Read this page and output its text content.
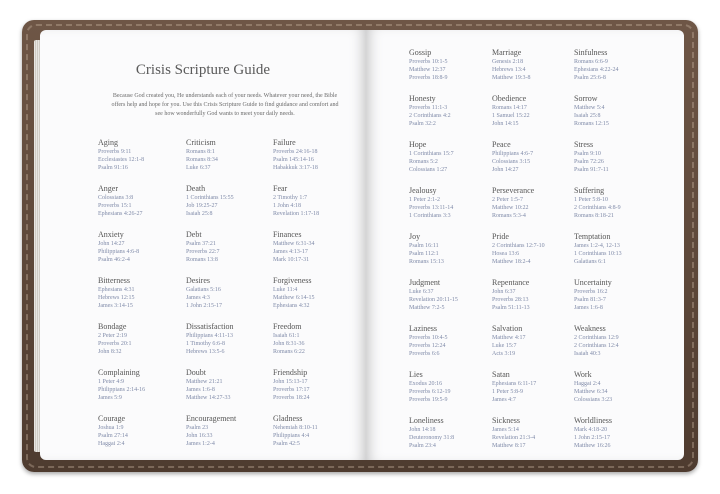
Crisis Scripture Guide
Because God created you, He understands each of your needs. Whatever your need, the Bible offers help and hope for you. Use this Crisis Scripture Guide to find guidance and comfort and see how wonderfully God wants to meet your daily needs.
Aging
Proverbs 9:11
Ecclesiastes 12:1-8
Psalm 91:16
Anger
Colossians 3:8
Proverbs 15:1
Ephesians 4:26-27
Anxiety
John 14:27
Philippians 4:6-8
Psalm 46:2-4
Bitterness
Ephesians 4:31
Hebrews 12:15
James 3:14-15
Bondage
2 Peter 2:19
Proverbs 20:1
John 8:32
Complaining
1 Peter 4:9
Philippians 2:14-16
James 5:9
Courage
Joshua 1:9
Psalm 27:14
Haggai 2:4
Criticism
Romans 8:1
Romans 8:34
Luke 6:37
Death
1 Corinthians 15:55
Job 19:25-27
Isaiah 25:8
Debt
Psalm 37:21
Proverbs 22:7
Romans 13:8
Desires
Galatians 5:16
James 4:3
1 John 2:15-17
Dissatisfaction
Philippians 4:11-13
1 Timothy 6:6-8
Hebrews 13:5-6
Doubt
Matthew 21:21
James 1:6-8
Matthew 14:27-33
Encouragement
Psalm 23
John 16:33
James 1:2-4
Failure
Proverbs 24:16-18
Psalm 145:14-16
Habakkuk 3:17-18
Fear
2 Timothy 1:7
1 John 4:18
Revelation 1:17-18
Finances
Matthew 6:31-34
James 4:13-17
Mark 10:17-31
Forgiveness
Luke 11:4
Matthew 6:14-15
Ephesians 4:32
Freedom
Isaiah 61:1
John 8:31-36
Romans 6:22
Friendship
John 15:13-17
Proverbs 17:17
Proverbs 18:24
Gladness
Nehemiah 8:10-11
Philippians 4:4
Psalm 42:5
Gossip
Proverbs 10:1-5
Matthew 12:37
Proverbs 18:8-9
Honesty
Proverbs 11:1-3
2 Corinthians 4:2
Psalm 32:2
Hope
1 Corinthians 15:7
Romans 5:2
Colossians 1:27
Jealousy
1 Peter 2:1-2
Proverbs 13:11-14
1 Corinthians 3:3
Joy
Psalm 16:11
Psalm 112:1
Romans 15:13
Judgment
Luke 6:37
Revelation 20:11-15
Matthew 7:2-5
Laziness
Proverbs 10:4-5
Proverbs 12:24
Proverbs 6:6
Lies
Exodus 20:16
Proverbs 6:12-19
Proverbs 19:5-9
Loneliness
John 14:18
Deuteronomy 31:8
Psalm 23:4
Marriage
Genesis 2:18
Hebrews 13:4
Matthew 19:3-8
Obedience
Romans 14:17
1 Samuel 15:22
John 14:15
Peace
Philippians 4:6-7
Colossians 3:15
John 14:27
Perseverance
2 Peter 1:5-7
Matthew 10:22
Romans 5:3-4
Pride
2 Corinthians 12:7-10
Hosea 13:6
Matthew 18:2-4
Repentance
John 6:37
Proverbs 28:13
Psalm 51:11-13
Salvation
Matthew 4:17
Luke 15:7
Acts 3:19
Satan
Ephesians 6:11-17
1 Peter 5:8-9
James 4:7
Sickness
James 5:14
Revelation 21:3-4
Matthew 8:17
Sinfulness
Romans 6:6-9
Ephesians 4:22-24
Psalm 25:6-8
Sorrow
Matthew 5:4
Isaiah 25:8
Romans 12:15
Stress
Psalm 9:10
Psalm 72:26
Psalm 91:7-11
Suffering
1 Peter 5:8-10
2 Corinthians 4:8-9
Romans 8:18-21
Temptation
James 1:2-4, 12-13
1 Corinthians 10:13
Galatians 6:1
Uncertainty
Proverbs 16:2
Psalm 81:3-7
James 1:6-8
Weakness
2 Corinthians 12:9
2 Corinthians 12:4
Isaiah 40:3
Work
Haggai 2:4
Matthew 6:34
Colossians 3:23
Worldliness
Mark 4:18-20
1 John 2:15-17
Matthew 16:26
